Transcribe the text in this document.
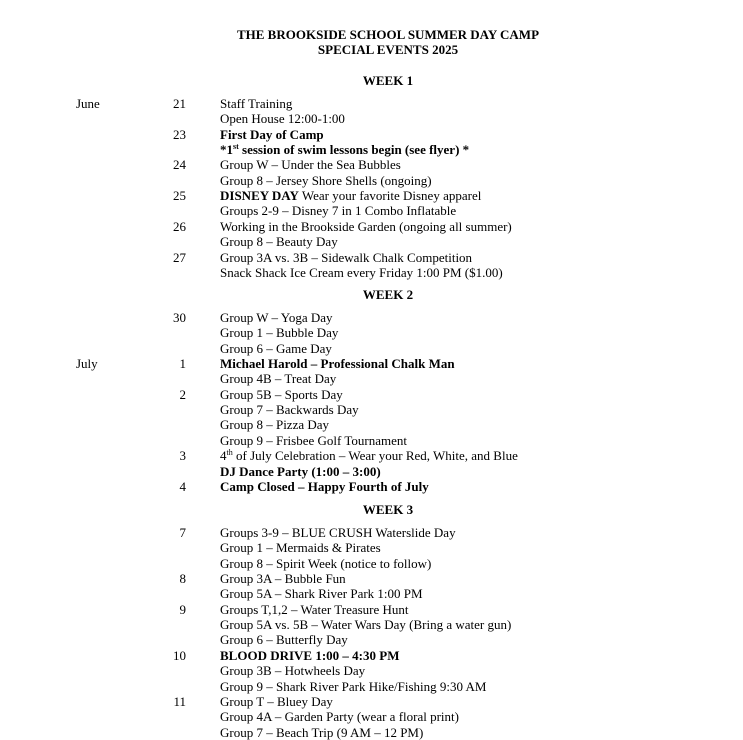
THE BROOKSIDE SCHOOL SUMMER DAY CAMP
SPECIAL EVENTS 2025
WEEK 1
June	21	Staff Training
Open House 12:00-1:00
23	First Day of Camp
*1st session of swim lessons begin (see flyer) *
24	Group W – Under the Sea Bubbles
Group 8 – Jersey Shore Shells (ongoing)
25	DISNEY DAY Wear your favorite Disney apparel
Groups 2-9 – Disney 7 in 1 Combo Inflatable
26	Working in the Brookside Garden (ongoing all summer)
Group 8 – Beauty Day
27	Group 3A vs. 3B – Sidewalk Chalk Competition
Snack Shack Ice Cream every Friday 1:00 PM ($1.00)
WEEK 2
30	Group W – Yoga Day
Group 1 – Bubble Day
Group 6 – Game Day
July	1	Michael Harold – Professional Chalk Man
Group 4B – Treat Day
2	Group 5B – Sports Day
Group 7 – Backwards Day
Group 8 – Pizza Day
Group 9 – Frisbee Golf Tournament
3	4th of July Celebration – Wear your Red, White, and Blue
DJ Dance Party (1:00 – 3:00)
4	Camp Closed – Happy Fourth of July
WEEK 3
7	Groups 3-9 – BLUE CRUSH Waterslide Day
Group 1 – Mermaids & Pirates
Group 8 – Spirit Week (notice to follow)
8	Group 3A – Bubble Fun
Group 5A – Shark River Park 1:00 PM
9	Groups T,1,2 – Water Treasure Hunt
Group 5A vs. 5B – Water Wars Day (Bring a water gun)
Group 6 – Butterfly Day
10	BLOOD DRIVE 1:00 – 4:30 PM
Group 3B – Hotwheels Day
Group 9 – Shark River Park Hike/Fishing 9:30 AM
11	Group T – Bluey Day
Group 4A – Garden Party (wear a floral print)
Group 7 – Beach Trip (9 AM – 12 PM)
